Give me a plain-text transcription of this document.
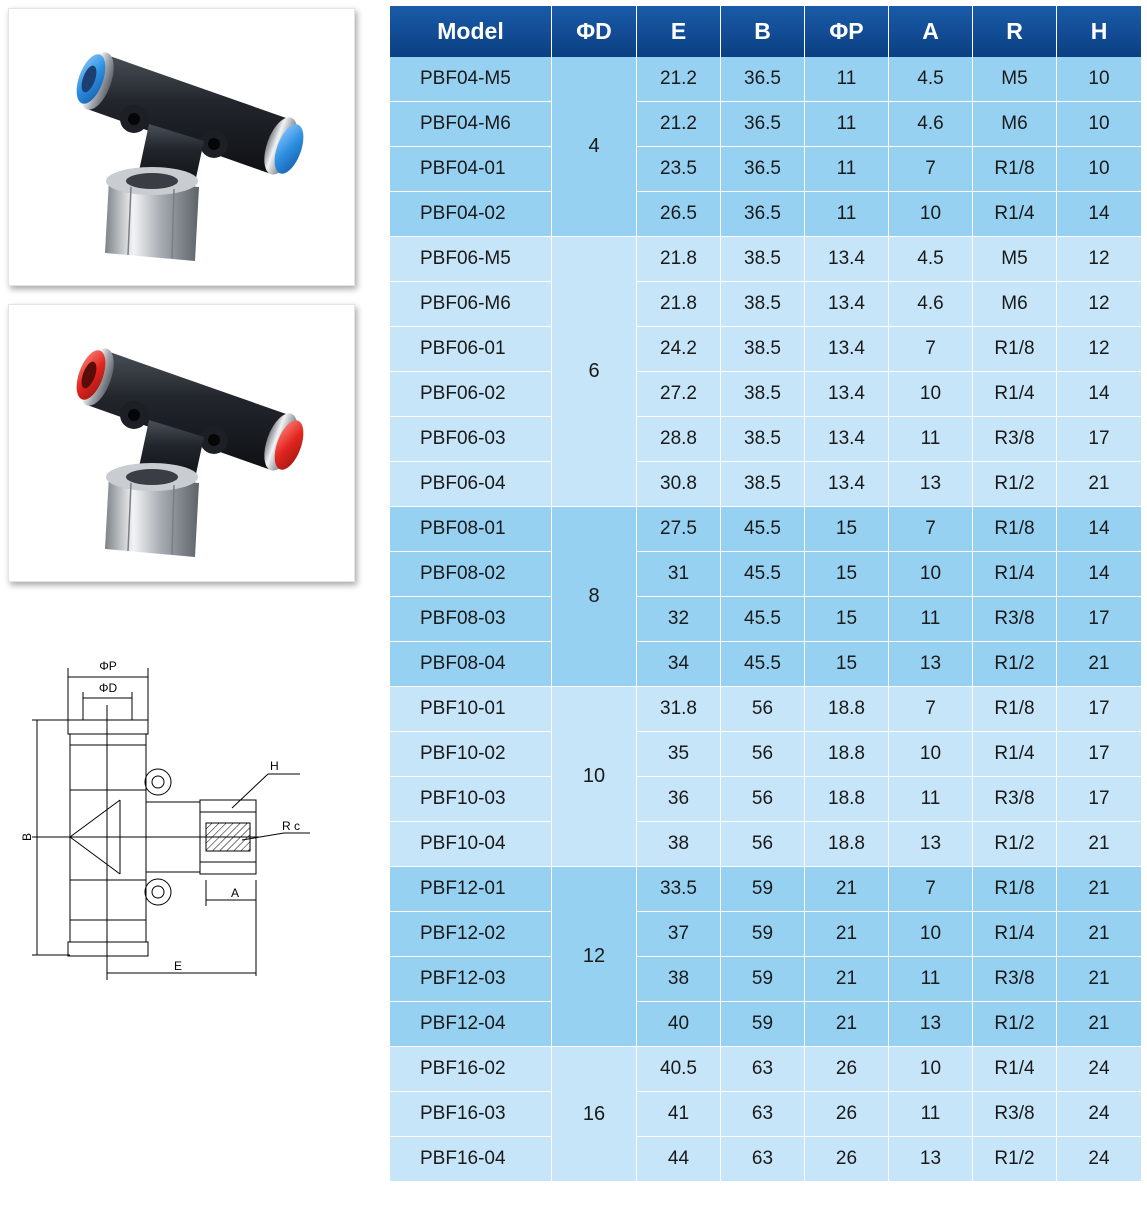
ΦP
ΦD
H
R c
B
A
E
Model	ΦD	E	B	ΦP	A	R	H
PBF04-M5	4	21.2	36.5	11	4.5	M5	10
PBF04-M6		21.2	36.5	11	4.6	M6	10
PBF04-01		23.5	36.5	11	7	R1/8	10
PBF04-02		26.5	36.5	11	10	R1/4	14
PBF06-M5	6	21.8	38.5	13.4	4.5	M5	12
PBF06-M6		21.8	38.5	13.4	4.6	M6	12
PBF06-01		24.2	38.5	13.4	7	R1/8	12
PBF06-02		27.2	38.5	13.4	10	R1/4	14
PBF06-03		28.8	38.5	13.4	11	R3/8	17
PBF06-04		30.8	38.5	13.4	13	R1/2	21
PBF08-01	8	27.5	45.5	15	7	R1/8	14
PBF08-02		31	45.5	15	10	R1/4	14
PBF08-03		32	45.5	15	11	R3/8	17
PBF08-04		34	45.5	15	13	R1/2	21
PBF10-01	10	31.8	56	18.8	7	R1/8	17
PBF10-02		35	56	18.8	10	R1/4	17
PBF10-03		36	56	18.8	11	R3/8	17
PBF10-04		38	56	18.8	13	R1/2	21
PBF12-01	12	33.5	59	21	7	R1/8	21
PBF12-02		37	59	21	10	R1/4	21
PBF12-03		38	59	21	11	R3/8	21
PBF12-04		40	59	21	13	R1/2	21
PBF16-02	16	40.5	63	26	10	R1/4	24
PBF16-03		41	63	26	11	R3/8	24
PBF16-04		44	63	26	13	R1/2	24
